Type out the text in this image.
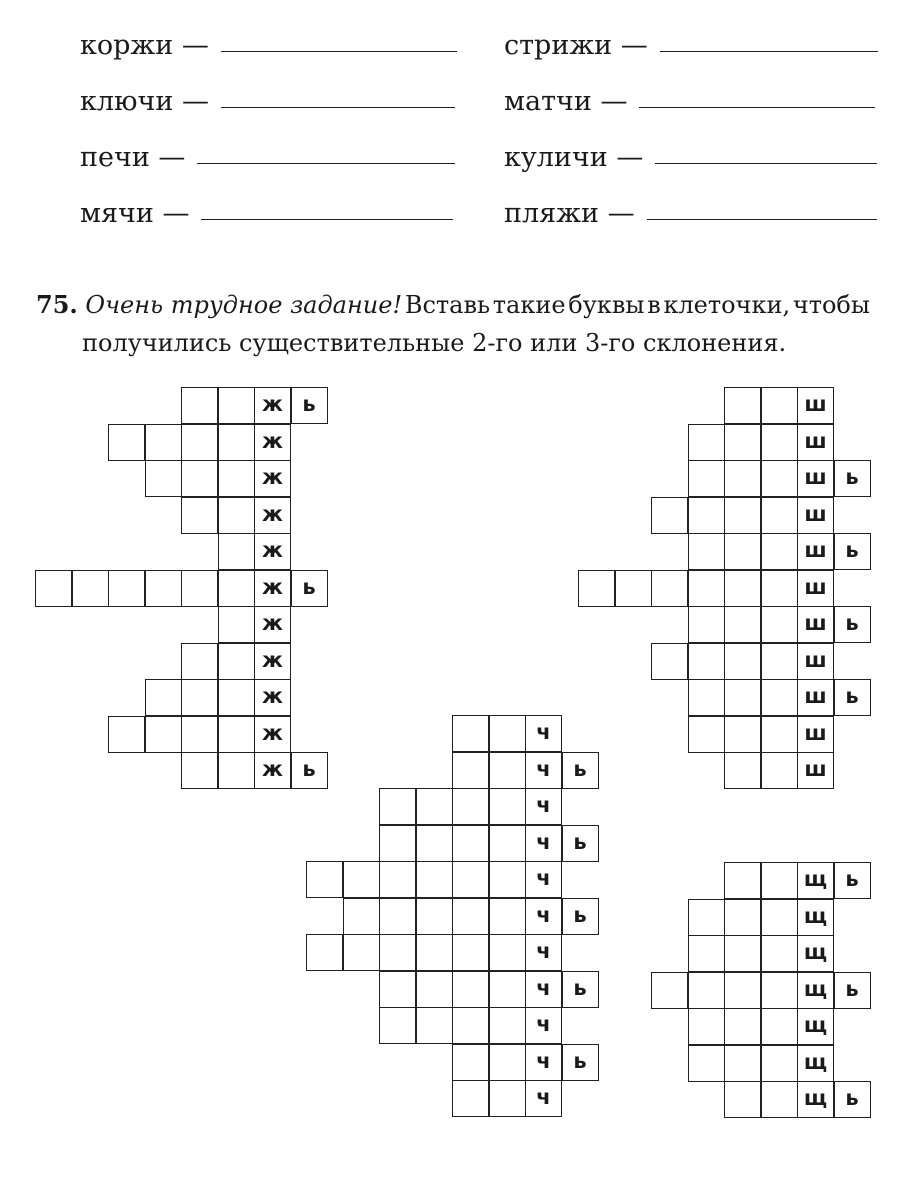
коржи —	стрижи —
ключи —	матчи —
печи —	куличи —
мячи —	пляжи —
75. Очень трудное задание! Вставь такие буквы в клеточки, чтобы
получились существительные 2-го или 3-го склонения.
ж ь
ж
ж
ж
ж
ж ь
ж
ж
ж
ж
ж ь
ш
ш
ш ь
ш
ш ь
ш
ш ь
ш
ш ь
ш
ш
ч
ч	ь
ч
ч	ь
ч
ч	ь
ч
ч	ь
ч
ч	ь
ч
щ ь
щ
щ
щ ь
щ
щ
щ ь
